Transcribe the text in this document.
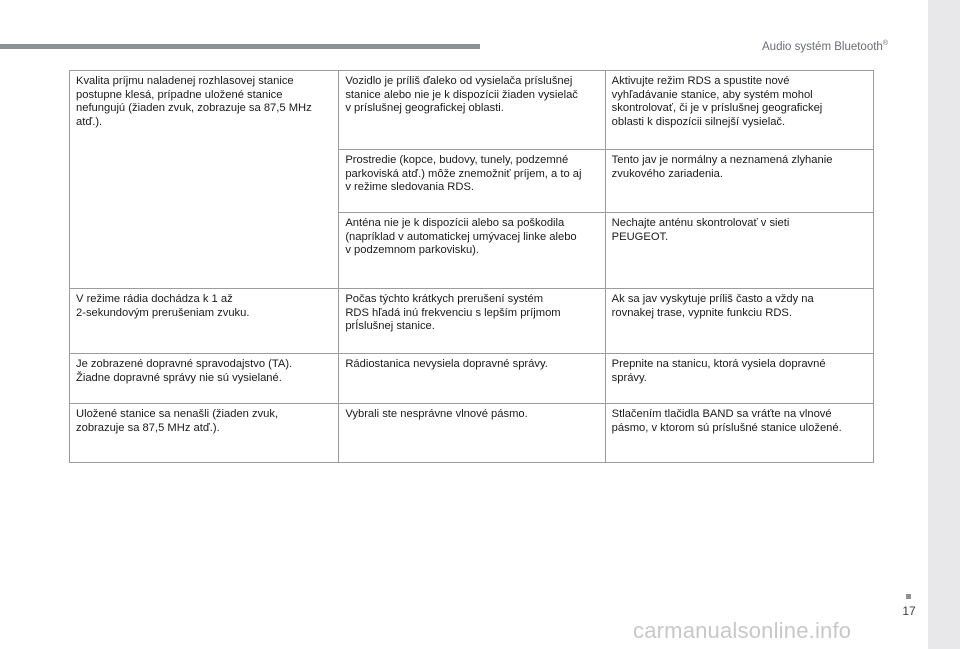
Audio systém Bluetooth®
Kvalita príjmu naladenej rozhlasovej stanice
postupne klesá, prípadne uložené stanice
nefungujú (žiaden zvuk, zobrazuje sa 87,5 MHz
atď.).	Vozidlo je príliš ďaleko od vysielača príslušnej
stanice alebo nie je k dispozícii žiaden vysielač
v príslušnej geografickej oblasti.	Aktivujte režim RDS a spustite nové
vyhľadávanie stanice, aby systém mohol
skontrolovať, či je v príslušnej geografickej
oblasti k dispozícii silnejší vysielač.

	Prostredie (kopce, budovy, tunely, podzemné
parkoviská atď.) môže znemožniť príjem, a to aj
v režime sledovania RDS.	Tento jav je normálny a neznamená zlyhanie
zvukového zariadenia.

	Anténa nie je k dispozícii alebo sa poškodila
(napríklad v automatickej umývacej linke alebo
v podzemnom parkovisku).	Nechajte anténu skontrolovať v sieti
PEUGEOT.

V režime rádia dochádza k 1 až
2-sekundovým prerušeniam zvuku.	Počas týchto krátkych prerušení systém
RDS hľadá inú frekvenciu s lepším príjmom
prÍslušnej stanice.	Ak sa jav vyskytuje príliš často a vždy na
rovnakej trase, vypnite funkciu RDS.

Je zobrazené dopravné spravodajstvo (TA).
Žiadne dopravné správy nie sú vysielané.	Rádiostanica nevysiela dopravné správy.	Prepnite na stanicu, ktorá vysiela dopravné
správy.

Uložené stanice sa nenašli (žiaden zvuk,
zobrazuje sa 87,5 MHz atď.).	Vybrali ste nesprávne vlnové pásmo.	Stlačením tlačidla BAND sa vráťte na vlnové
pásmo, v ktorom sú príslušné stanice uložené.
17
carmanualsonline.info
